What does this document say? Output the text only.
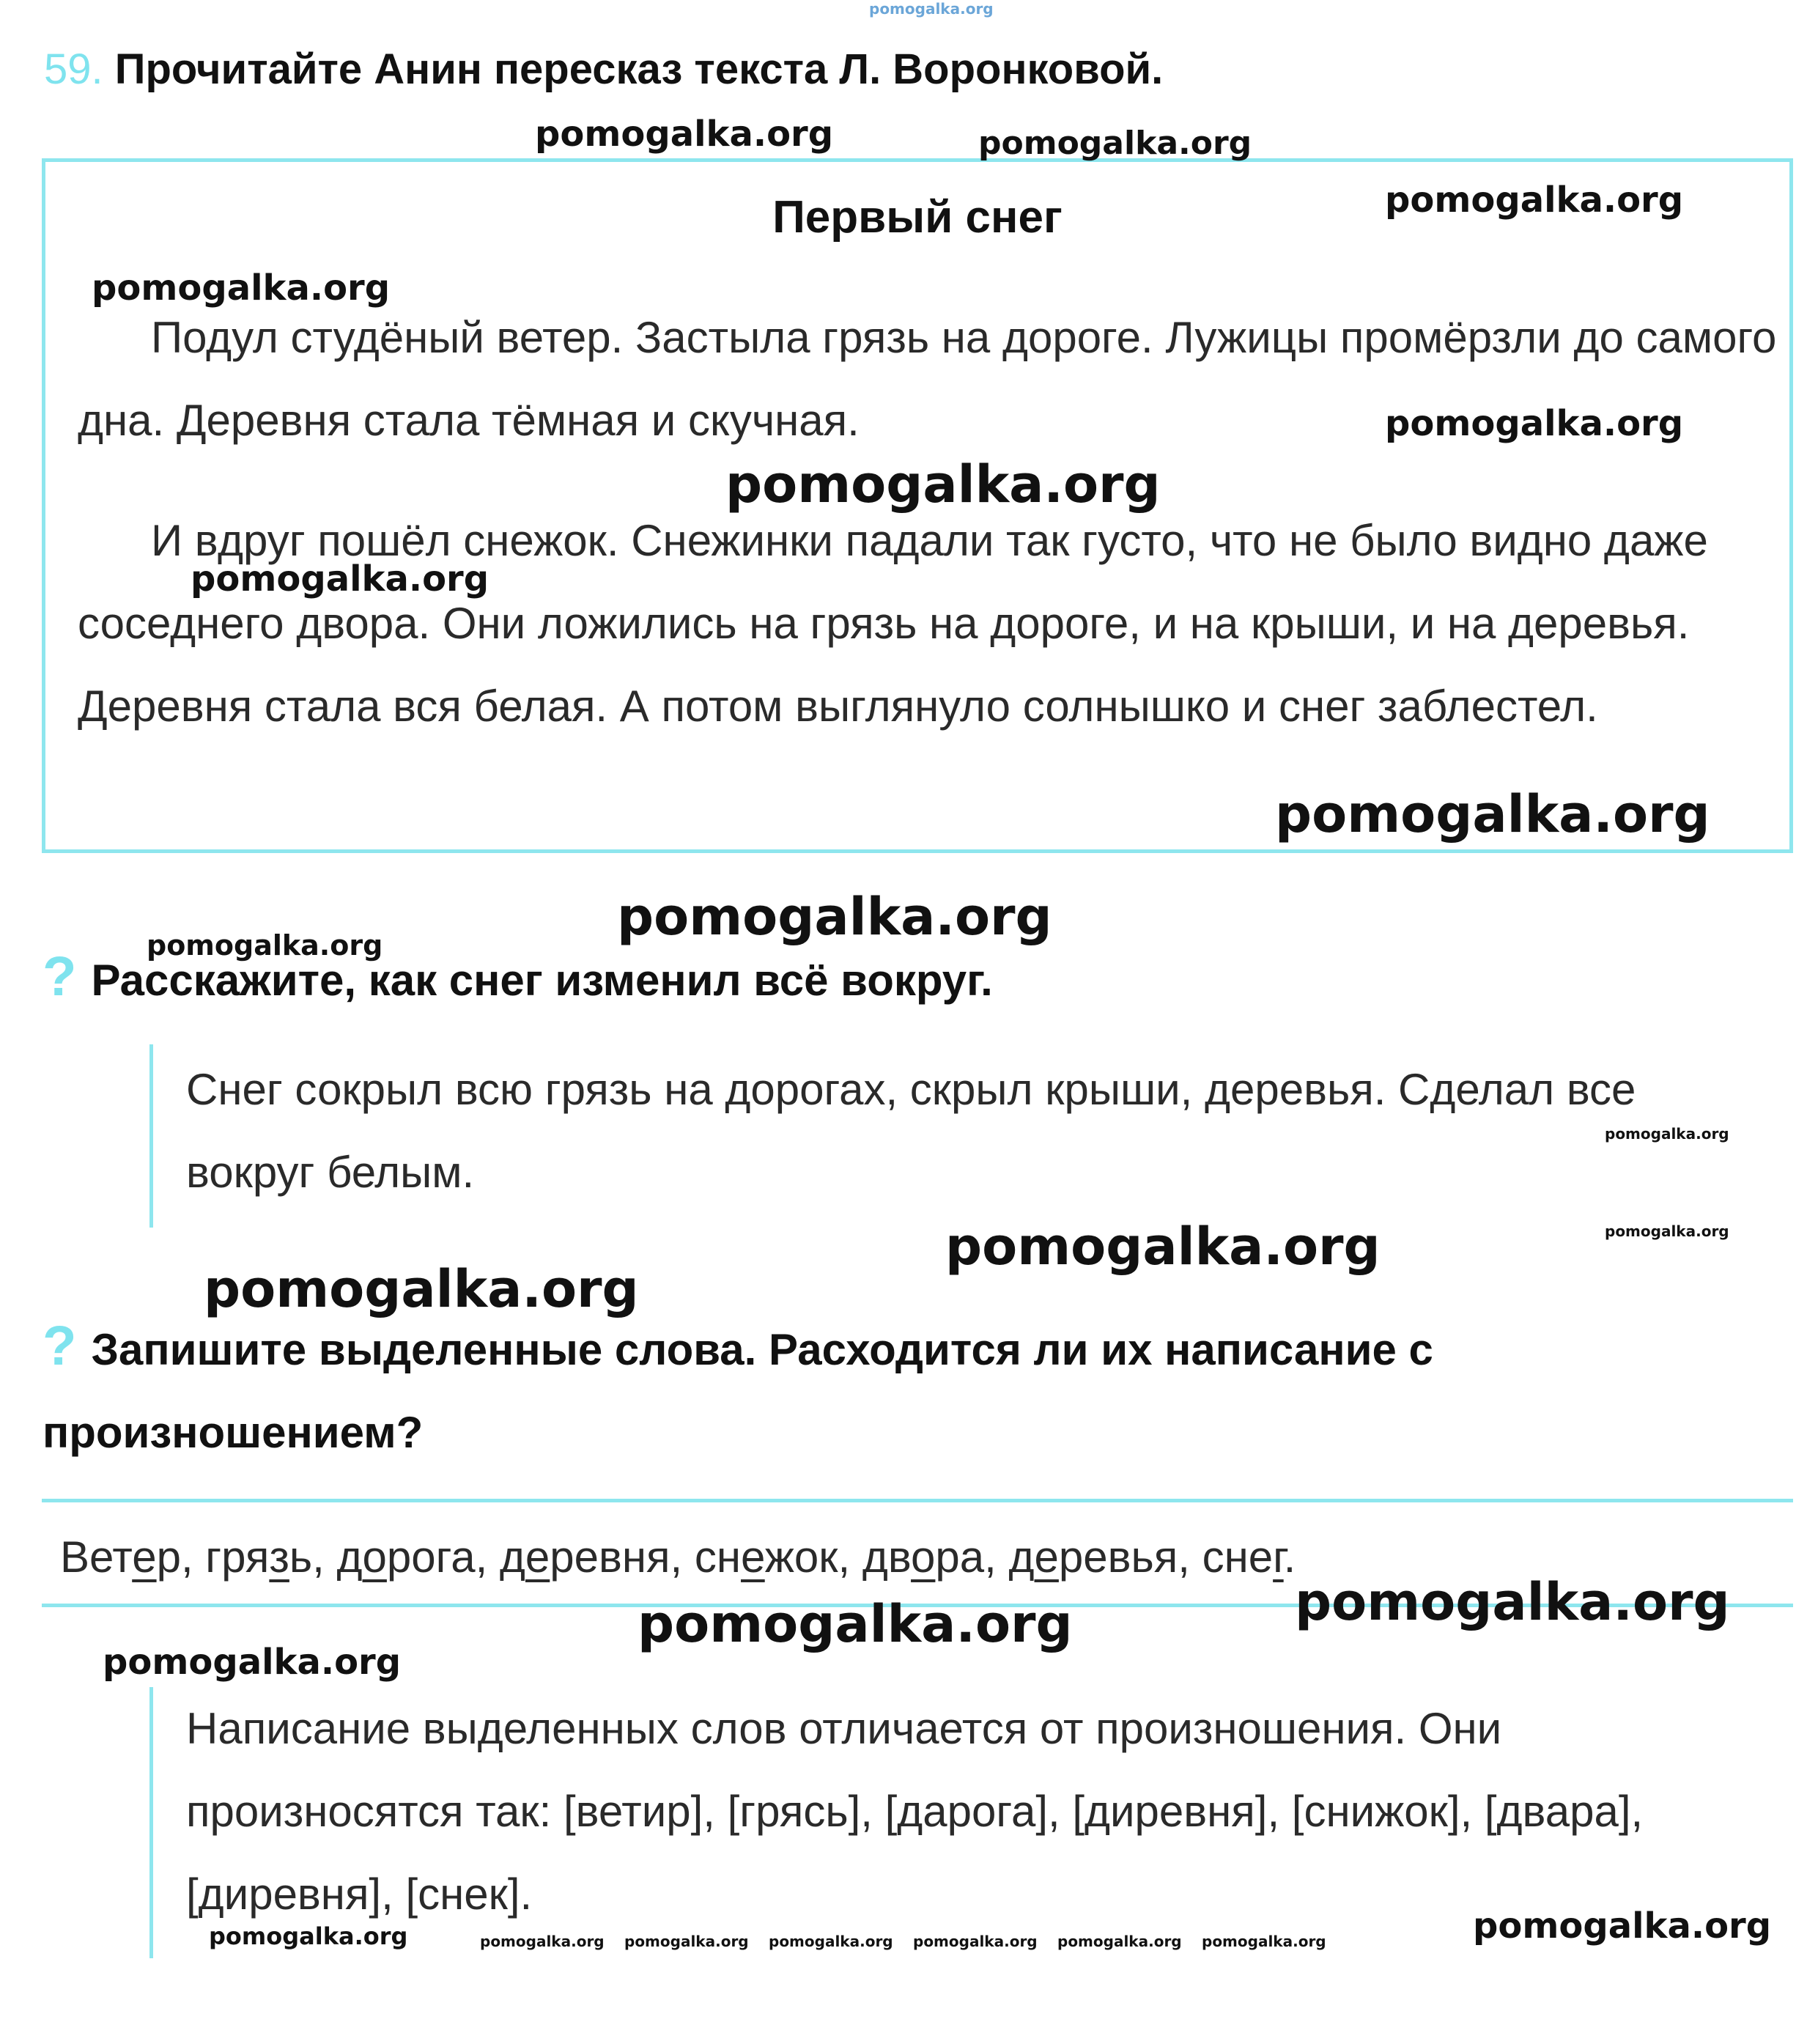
pomogalka.org
59. Прочитайте Анин пересказ текста Л. Воронковой.
Первый снег

Подул студёный ветер. Застыла грязь на дороге. Лужицы промёрзли до самого дна. Деревня стала тёмная и скучная.

И вдруг пошёл снежок. Снежинки падали так густо, что не было видно даже соседнего двора. Они ложились на грязь на дороге, и на крыши, и на деревья. Деревня стала вся белая. А потом выглянуло солнышко и снег заблестел.

? Расскажите, как снег изменил всё вокруг.

Снег сокрыл всю грязь на дорогах, скрыл крыши, деревья. Сделал все вокруг белым.

? Запишите выделенные слова. Расходится ли их написание с произношением?
Ветер, грязь, дорога, деревня, снежок, двора, деревья, снег.

Написание выделенных слов отличается от произношения. Они произносятся так: [ветир], [грясь], [дарога], [диревня], [снижок], [двара], [диревня], [снек].

pomogalka.org	pomogalka.org
pomogalka.org
pomogalka.org
pomogalka.org
pomogalka.org
pomogalka.org
pomogalka.org
pomogalka.org
pomogalka.org
pomogalka.org
pomogalka.org
pomogalka.org
pomogalka.org
pomogalka.org
pomogalka.org
pomogalka.org
pomogalka.org	pomogalka.org pomogalka.org pomogalka.org pomogalka.org pomogalka.org pomogalka.org	pomogalka.org
